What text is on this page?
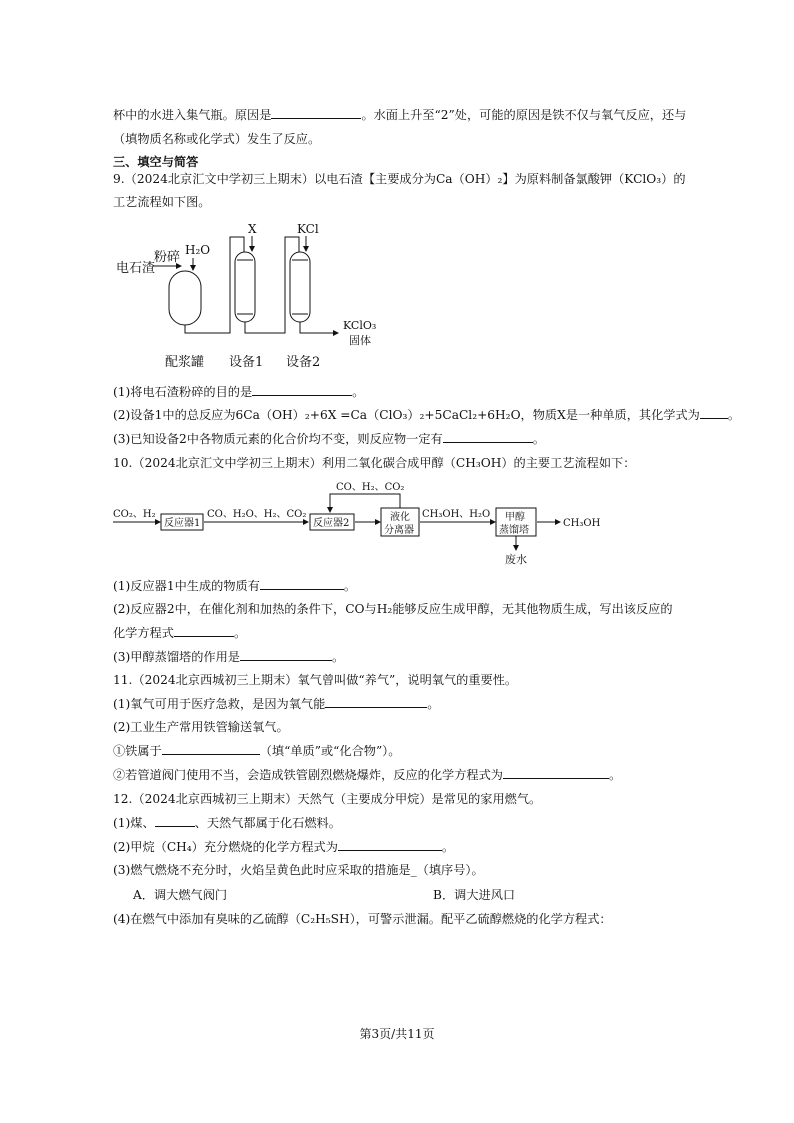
杯中的水进入集气瓶。原因是	。水面上升至“2”处，可能的原因是铁不仅与氧气反应，还与
（填物质名称或化学式）发生了反应。
三、填空与简答
9.（2024北京汇文中学初三上期末）以电石渣【主要成分为Ca（OH）₂】为原料制备氯酸钾（KClO₃）的
工艺流程如下图。
电石渣
粉碎 H₂O
X	KCl
KClO₃
固体
配浆罐 设备1 设备2
(1)将电石渣粉碎的目的是	。
(2)设备1中的总反应为6Ca（OH）₂+6X =Ca（ClO₃）₂+5CaCl₂+6H₂O，物质X是一种单质，其化学式为 。
(3)已知设备2中各物质元素的化合价均不变，则反应物一定有	。
10.（2024北京汇文中学初三上期末）利用二氧化碳合成甲醇（CH₃OH）的主要工艺流程如下：
CO₂、H₂
反应器1
CO、H₂O、H₂、CO₂
反应器2
液化
分离器
CO、H₂、CO₂
CH₃OH、H₂O 甲醇
蒸馏塔
CH₃OH
废水
(1)反应器1中生成的物质有	。
(2)反应器2中，在催化剂和加热的条件下，CO与H₂能够反应生成甲醇，无其他物质生成，写出该反应的
化学方程式	。
(3)甲醇蒸馏塔的作用是	。
11.（2024北京西城初三上期末）氧气曾叫做“养气”，说明氧气的重要性。
(1)氧气可用于医疗急救，是因为氧气能	。
(2)工业生产常用铁管输送氧气。
①铁属于	（填“单质”或“化合物”）。
②若管道阀门使用不当，会造成铁管剧烈燃烧爆炸，反应的化学方程式为	。
12.（2024北京西城初三上期末）天然气（主要成分甲烷）是常见的家用燃气。
(1)煤、	、天然气都属于化石燃料。
(2)甲烷（CH₄）充分燃烧的化学方程式为	。
(3)燃气燃烧不充分时，火焰呈黄色此时应采取的措施是_（填序号）。
A．调大燃气阀门	B．调大进风口
(4)在燃气中添加有臭味的乙硫醇（C₂H₅SH），可警示泄漏。配平乙硫醇燃烧的化学方程式：
第3页/共11页
